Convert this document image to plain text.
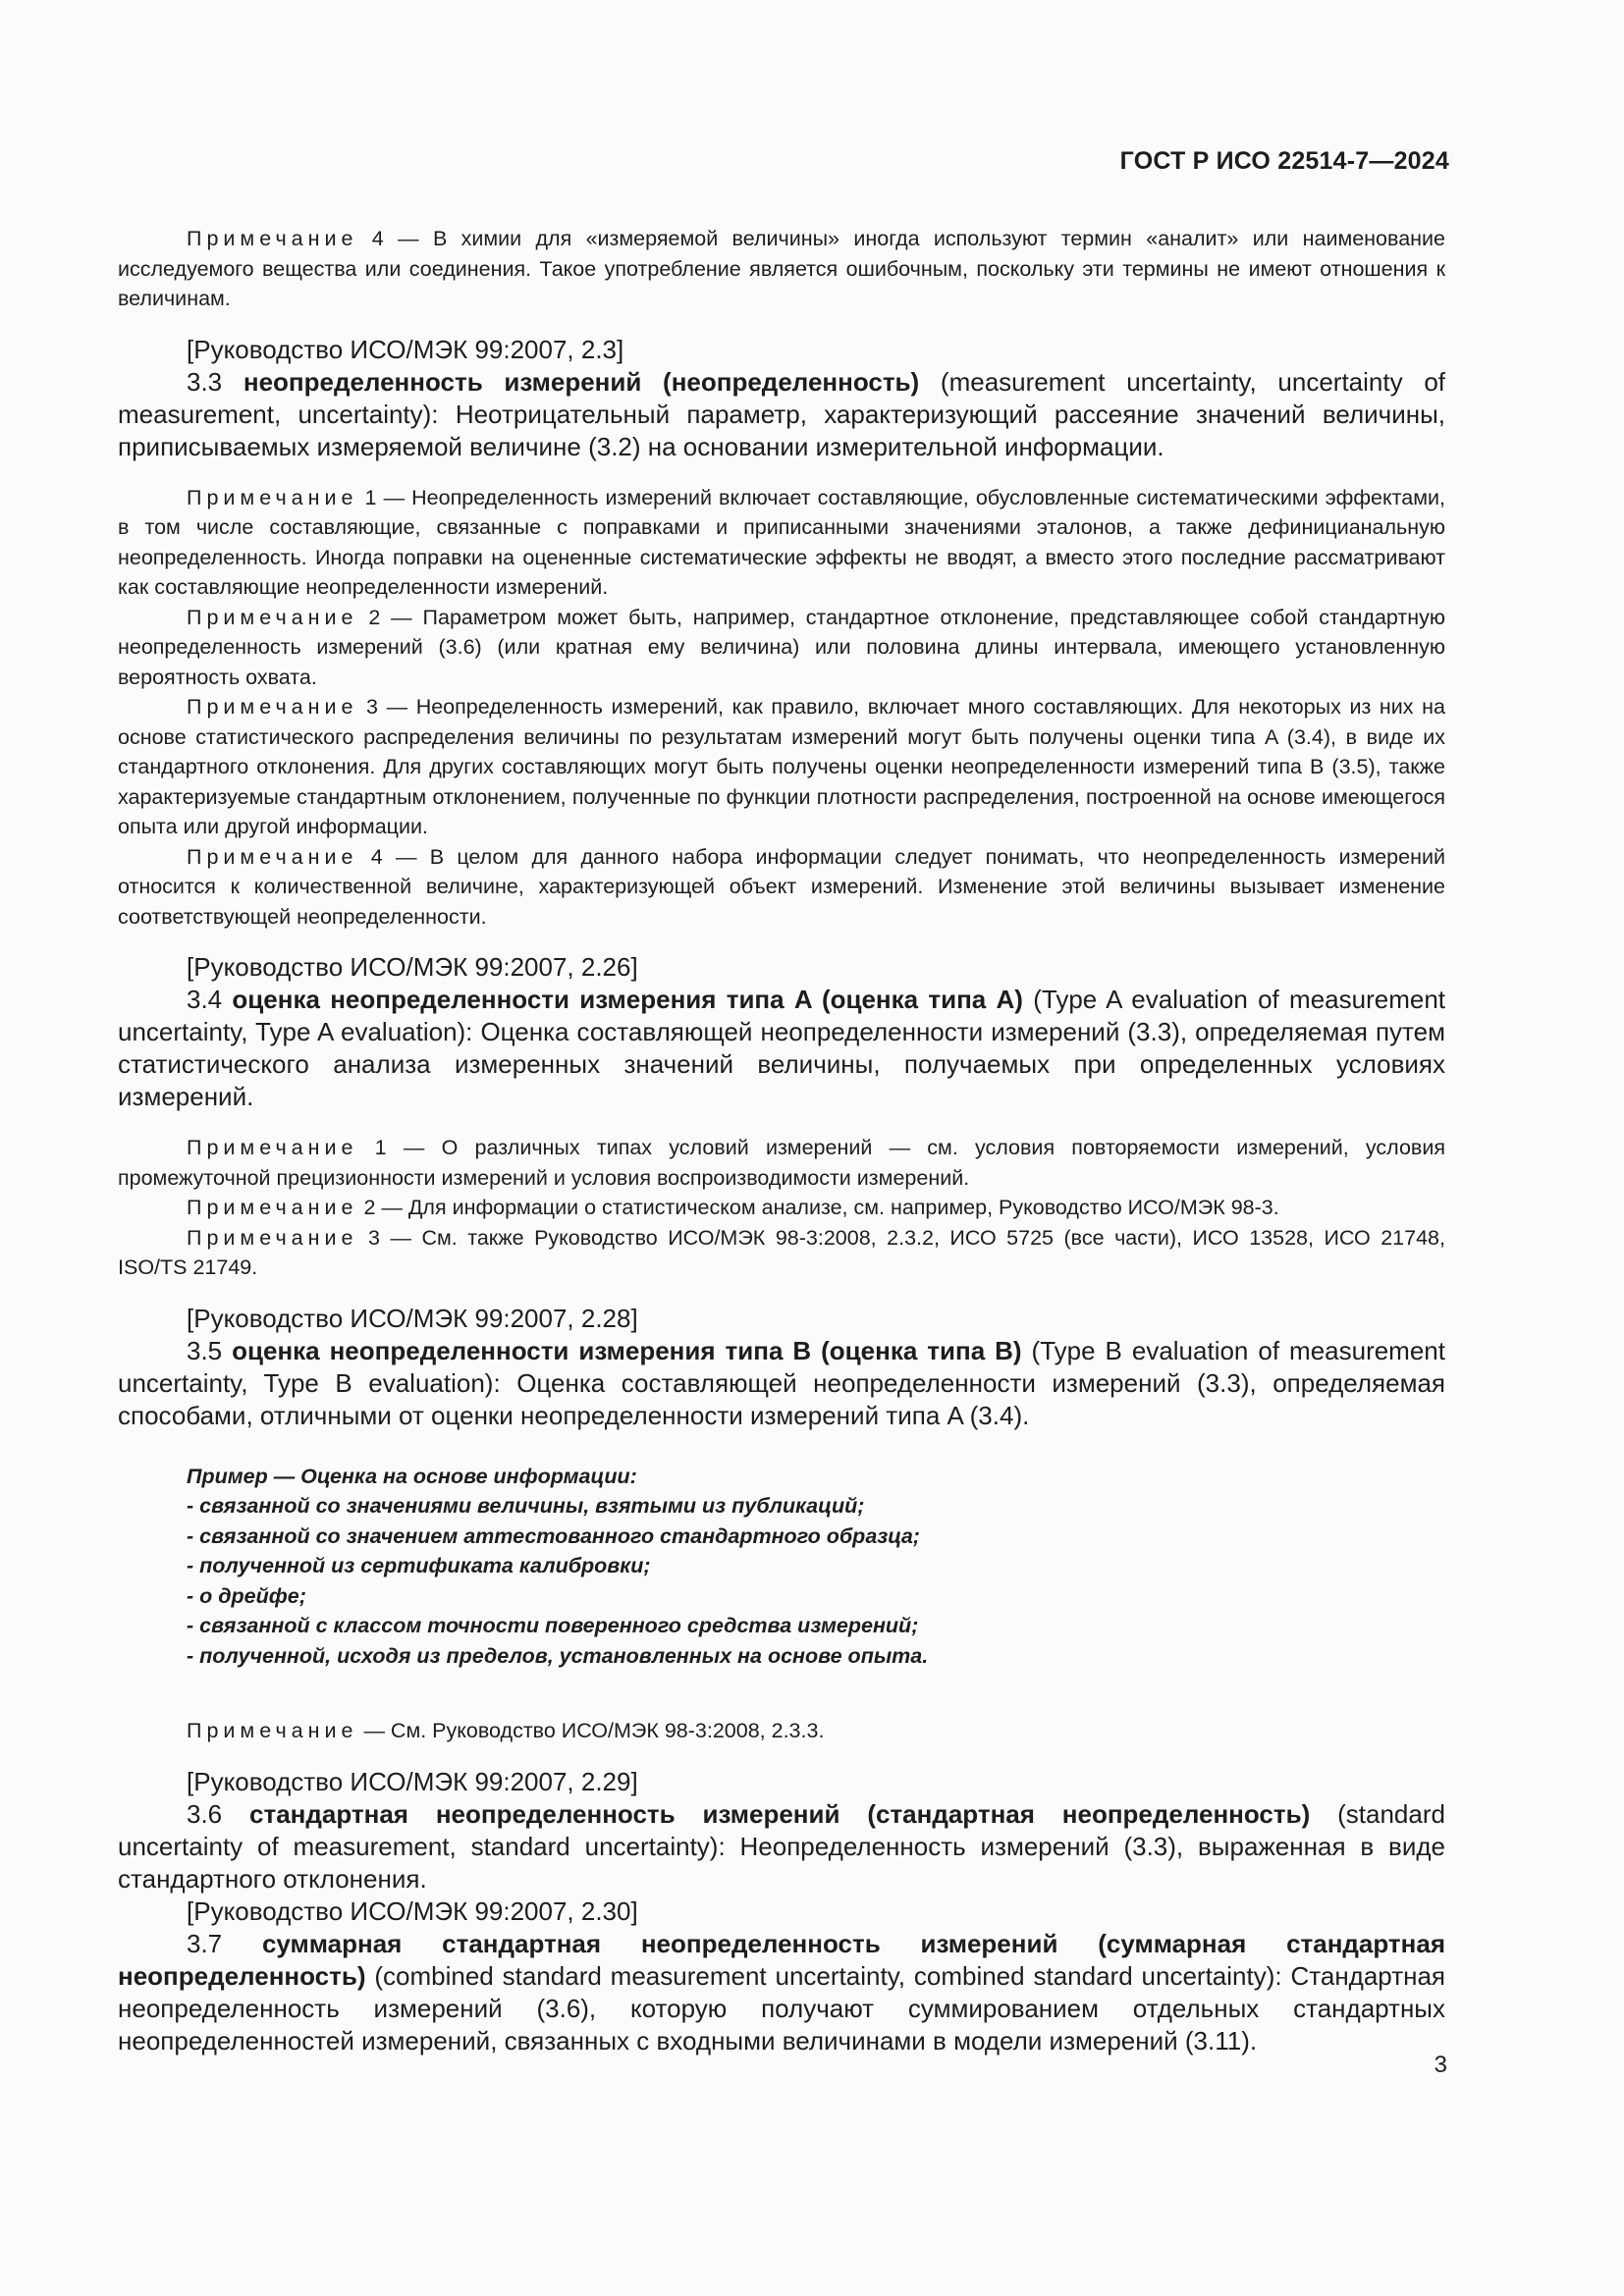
ГОСТ Р ИСО 22514-7—2024

Примечание 4 — В химии для «измеряемой величины» иногда используют термин «аналит» или наименование исследуемого вещества или соединения. Такое употребление является ошибочным, поскольку эти термины не имеют отношения к величинам.

[Руководство ИСО/МЭК 99:2007, 2.3]

3.3 неопределенность измерений (неопределенность) (measurement uncertainty, uncertainty of measurement, uncertainty): Неотрицательный параметр, характеризующий рассеяние значений величины, приписываемых измеряемой величине (3.2) на основании измерительной информации.

Примечание 1 — Неопределенность измерений включает составляющие, обусловленные систематическими эффектами, в том числе составляющие, связанные с поправками и приписанными значениями эталонов, а также дефиницианальную неопределенность. Иногда поправки на оцененные систематические эффекты не вводят, а вместо этого последние рассматривают как составляющие неопределенности измерений.

Примечание 2 — Параметром может быть, например, стандартное отклонение, представляющее собой стандартную неопределенность измерений (3.6) (или кратная ему величина) или половина длины интервала, имеющего установленную вероятность охвата.

Примечание 3 — Неопределенность измерений, как правило, включает много составляющих. Для некоторых из них на основе статистического распределения величины по результатам измерений могут быть получены оценки типа A (3.4), в виде их стандартного отклонения. Для других составляющих могут быть получены оценки неопределенности измерений типа B (3.5), также характеризуемые стандартным отклонением, полученные по функции плотности распределения, построенной на основе имеющегося опыта или другой информации.

Примечание 4 — В целом для данного набора информации следует понимать, что неопределенность измерений относится к количественной величине, характеризующей объект измерений. Изменение этой величины вызывает изменение соответствующей неопределенности.

[Руководство ИСО/МЭК 99:2007, 2.26]

3.4 оценка неопределенности измерения типа A (оценка типа A) (Type A evaluation of measurement uncertainty, Type A evaluation): Оценка составляющей неопределенности измерений (3.3), определяемая путем статистического анализа измеренных значений величины, получаемых при определенных условиях измерений.

Примечание 1 — О различных типах условий измерений — см. условия повторяемости измерений, условия промежуточной прецизионности измерений и условия воспроизводимости измерений.

Примечание 2 — Для информации о статистическом анализе, см. например, Руководство ИСО/МЭК 98-3.

Примечание 3 — См. также Руководство ИСО/МЭК 98-3:2008, 2.3.2, ИСО 5725 (все части), ИСО 13528, ИСО 21748, ISO/TS 21749.

[Руководство ИСО/МЭК 99:2007, 2.28]

3.5 оценка неопределенности измерения типа B (оценка типа B) (Type B evaluation of measurement uncertainty, Type B evaluation): Оценка составляющей неопределенности измерений (3.3), определяемая способами, отличными от оценки неопределенности измерений типа A (3.4).

Пример — Оценка на основе информации:
- связанной со значениями величины, взятыми из публикаций;
- связанной со значением аттестованного стандартного образца;
- полученной из сертификата калибровки;
- о дрейфе;
- связанной с классом точности поверенного средства измерений;
- полученной, исходя из пределов, установленных на основе опыта.

Примечание — См. Руководство ИСО/МЭК 98-3:2008, 2.3.3.

[Руководство ИСО/МЭК 99:2007, 2.29]

3.6 стандартная неопределенность измерений (стандартная неопределенность) (standard uncertainty of measurement, standard uncertainty): Неопределенность измерений (3.3), выраженная в виде стандартного отклонения.

[Руководство ИСО/МЭК 99:2007, 2.30]

3.7 суммарная стандартная неопределенность измерений (суммарная стандартная неопределенность) (combined standard measurement uncertainty, combined standard uncertainty): Стандартная неопределенность измерений (3.6), которую получают суммированием отдельных стандартных неопределенностей измерений, связанных с входными величинами в модели измерений (3.11).

3
